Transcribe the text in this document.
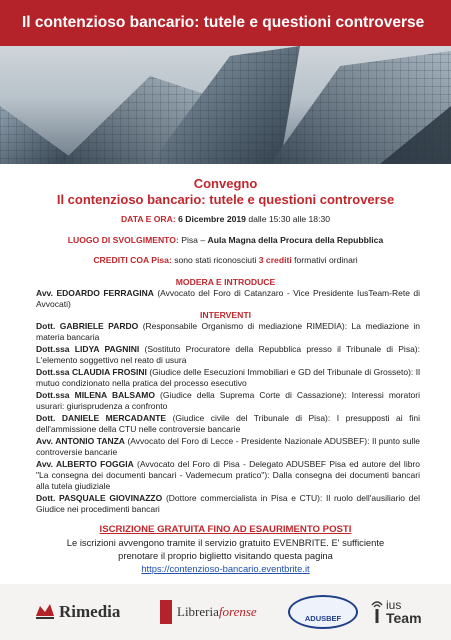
Il contenzioso bancario: tutele e questioni controverse
Convegno
Il contenzioso bancario: tutele e questioni controverse
DATA E ORA: 6 Dicembre 2019 dalle 15:30 alle 18:30
LUOGO DI SVOLGIMENTO: Pisa – Aula Magna della Procura della Repubblica
CREDITI COA Pisa: sono stati riconosciuti 3 crediti formativi ordinari
MODERA E INTRODUCE
Avv. EDOARDO FERRAGINA (Avvocato del Foro di Catanzaro - Vice Presidente IusTeam-Rete di Avvocati)
INTERVENTI
Dott. GABRIELE PARDO (Responsabile Organismo di mediazione RIMEDIA): La mediazione in materia bancaria
Dott.ssa LIDYA PAGNINI (Sostituto Procuratore della Repubblica presso il Tribunale di Pisa): L'elemento soggettivo nel reato di usura
Dott.ssa CLAUDIA FROSINI (Giudice delle Esecuzioni Immobiliari e GD del Tribunale di Grosseto): Il mutuo condizionato nella pratica del processo esecutivo
Dott.ssa MILENA BALSAMO (Giudice della Suprema Corte di Cassazione): Interessi moratori usurari: giurisprudenza a confronto
Dott. DANIELE MERCADANTE (Giudice civile del Tribunale di Pisa): I presupposti ai fini dell'ammissione della CTU nelle controversie bancarie
Avv. ANTONIO TANZA (Avvocato del Foro di Lecce - Presidente Nazionale ADUSBEF): Il punto sulle controversie bancarie
Avv. ALBERTO FOGGIA (Avvocato del Foro di Pisa - Delegato ADUSBEF Pisa ed autore del libro "La consegna dei documenti bancari - Vademecum pratico"): Dalla consegna dei documenti bancari alla tutela giudiziale
Dott. PASQUALE GIOVINAZZO (Dottore commercialista in Pisa e CTU): Il ruolo dell'ausiliario del Giudice nei procedimenti bancari
ISCRIZIONE GRATUITA FINO AD ESAURIMENTO POSTI
Le iscrizioni avvengono tramite il servizio gratuito EVENBRITE. E' sufficiente
prenotare il proprio biglietto visitando questa pagina
https://contenzioso-bancario.eventbrite.it
Rimedia	Libreria forense	ADUSBEF
ius
Team
